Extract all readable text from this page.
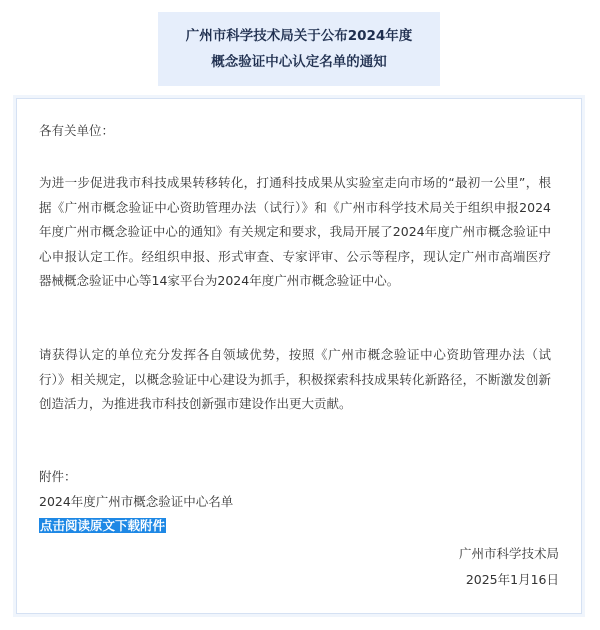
广州市科学技术局关于公布2024年度
概念验证中心认定名单的通知

各有关单位：

为进一步促进我市科技成果转移转化，打通科技成果从实验室走向市场的“最初一公里”，根据《广州市概念验证中心资助管理办法（试行）》和《广州市科学技术局关于组织申报2024年度广州市概念验证中心的通知》有关规定和要求，我局开展了2024年度广州市概念验证中心申报认定工作。经组织申报、形式审查、专家评审、公示等程序，现认定广州市高端医疗器械概念验证中心等14家平台为2024年度广州市概念验证中心。

请获得认定的单位充分发挥各自领域优势，按照《广州市概念验证中心资助管理办法（试行）》相关规定，以概念验证中心建设为抓手，积极探索科技成果转化新路径，不断激发创新创造活力，为推进我市科技创新强市建设作出更大贡献。

附件：

2024年度广州市概念验证中心名单

点击阅读原文下载附件

广州市科学技术局
2025年1月16日
